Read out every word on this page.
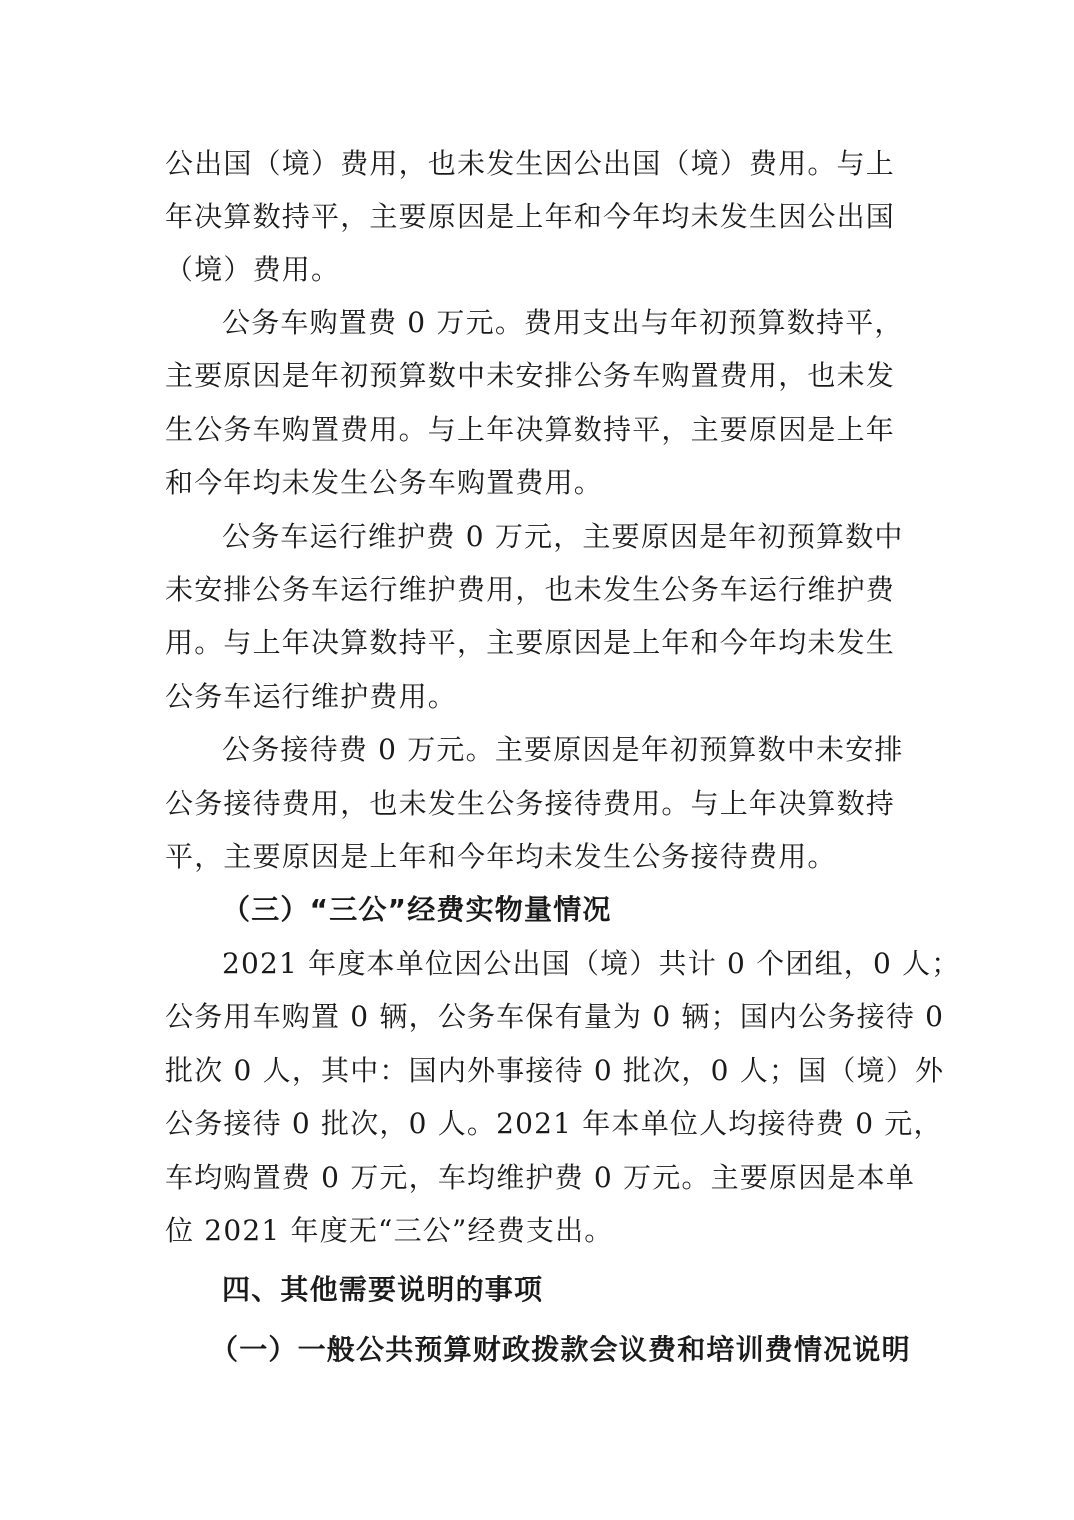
公出国（境）费用，也未发生因公出国（境）费用。与上
年决算数持平，主要原因是上年和今年均未发生因公出国
（境）费用。
公务车购置费 0 万元。费用支出与年初预算数持平，
主要原因是年初预算数中未安排公务车购置费用，也未发
生公务车购置费用。与上年决算数持平，主要原因是上年
和今年均未发生公务车购置费用。
公务车运行维护费 0 万元，主要原因是年初预算数中
未安排公务车运行维护费用，也未发生公务车运行维护费
用。与上年决算数持平，主要原因是上年和今年均未发生
公务车运行维护费用。
公务接待费 0 万元。主要原因是年初预算数中未安排
公务接待费用，也未发生公务接待费用。与上年决算数持
平，主要原因是上年和今年均未发生公务接待费用。
（三）“三公”经费实物量情况
2021 年度本单位因公出国（境）共计 0 个团组，0 人；
公务用车购置 0 辆，公务车保有量为 0 辆；国内公务接待 0
批次 0 人，其中：国内外事接待 0 批次，0 人；国（境）外
公务接待 0 批次，0 人。2021 年本单位人均接待费 0 元，
车均购置费 0 万元，车均维护费 0 万元。主要原因是本单
位 2021 年度无“三公”经费支出。
四、其他需要说明的事项
（一）一般公共预算财政拨款会议费和培训费情况说明
